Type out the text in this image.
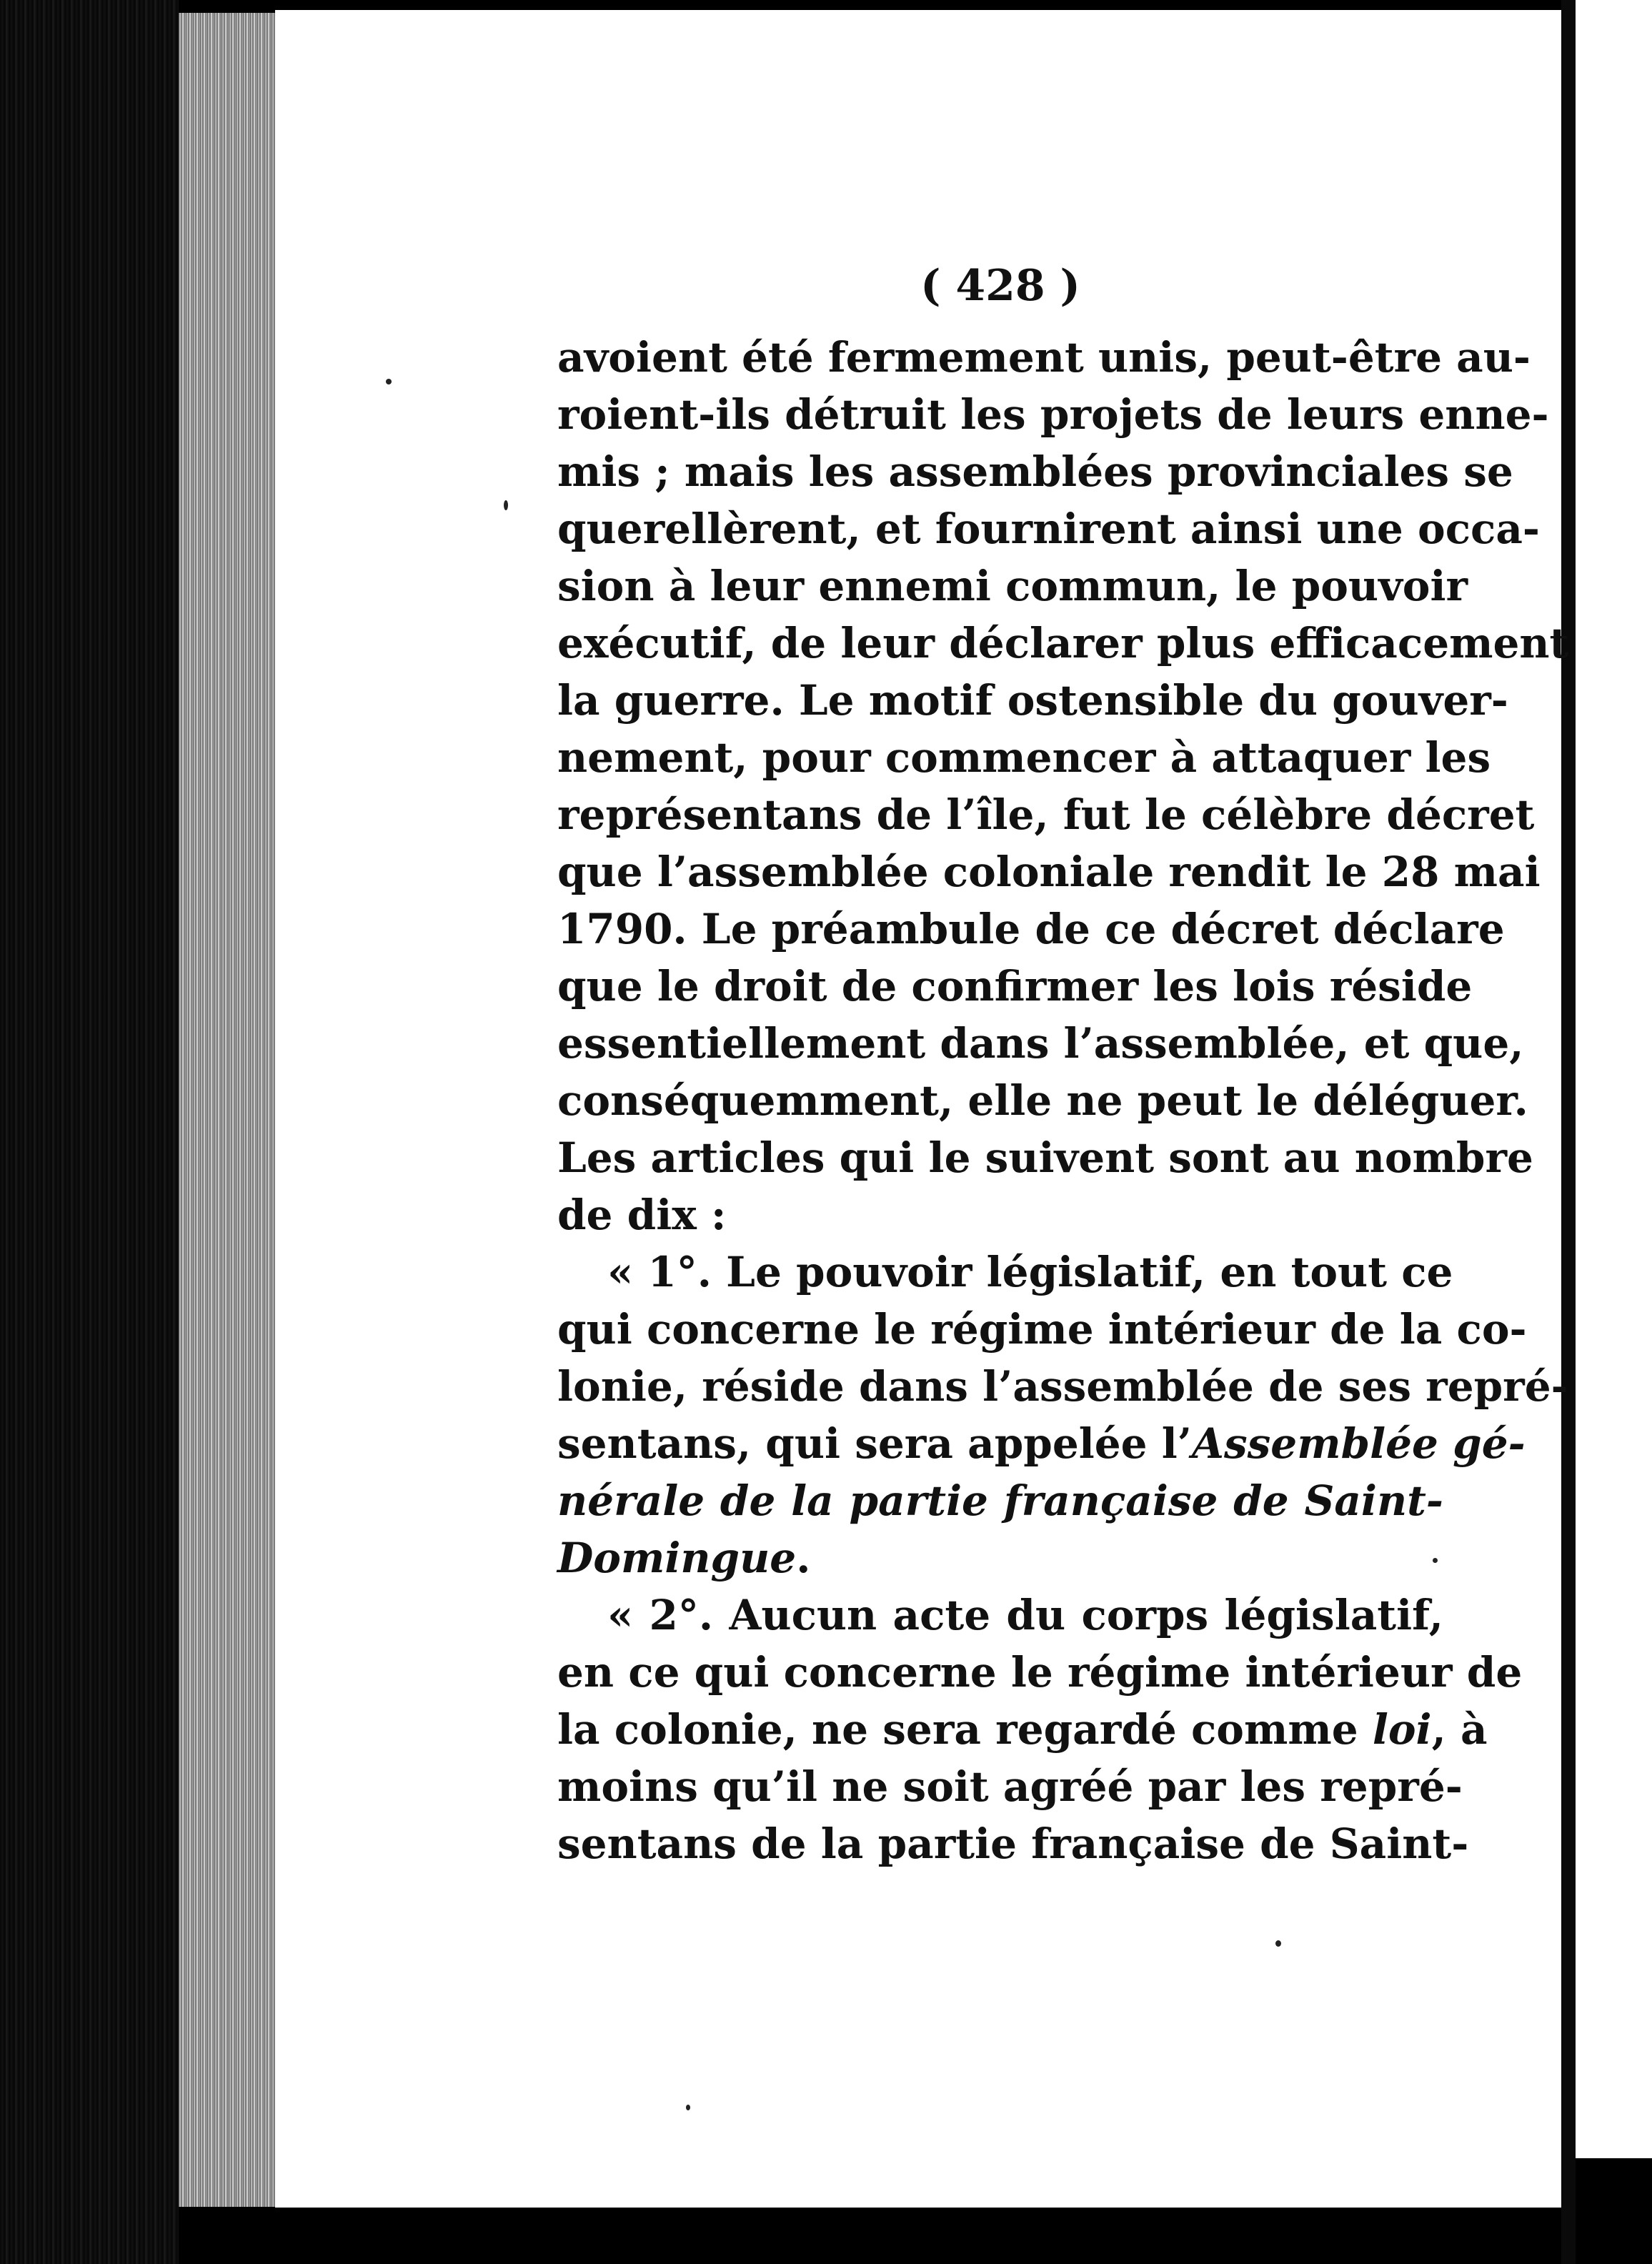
( 428 )
avoient été fermement unis, peut-être au-
roient-ils détruit les projets de leurs enne-
mis ; mais les assemblées provinciales se
querellèrent, et fournirent ainsi une occa-
sion à leur ennemi commun, le pouvoir
exécutif, de leur déclarer plus efficacement
la guerre. Le motif ostensible du gouver-
nement, pour commencer à attaquer les
représentans de l’île, fut le célèbre décret
que l’assemblée coloniale rendit le 28 mai
1790. Le préambule de ce décret déclare
que le droit de confirmer les lois réside
essentiellement dans l’assemblée, et que,
conséquemment, elle ne peut le déléguer.
Les articles qui le suivent sont au nombre
de dix :
« 1°. Le pouvoir législatif, en tout ce
qui concerne le régime intérieur de la co-
lonie, réside dans l’assemblée de ses repré-
sentans, qui sera appelée l’Assemblée gé-
nérale de la partie française de Saint-
Domingue.
« 2°. Aucun acte du corps législatif,
en ce qui concerne le régime intérieur de
la colonie, ne sera regardé comme loi, à
moins qu’il ne soit agréé par les repré-
sentans de la partie française de Saint-
